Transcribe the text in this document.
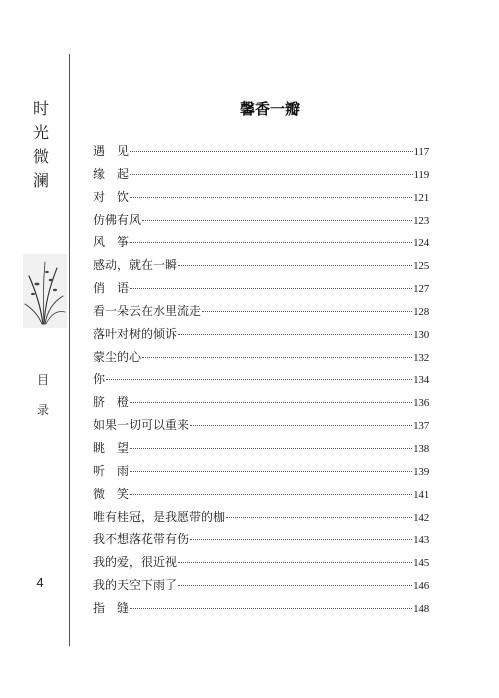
时
光
微
澜
目
录
4
馨香一瓣
遇　见	117
缘　起	119
对　饮	121
仿佛有风	123
风　筝	124
感动，就在一瞬	125
俏　语	127
看一朵云在水里流走	128
落叶对树的倾诉	130
蒙尘的心	132
你	134
脐　橙	136
如果一切可以重来	137
眺　望	138
听　雨	139
微　笑	141
唯有桂冠，是我愿带的枷	142
我不想落花带有伤	143
我的爱，很近视	145
我的天空下雨了	146
指　缝	148
